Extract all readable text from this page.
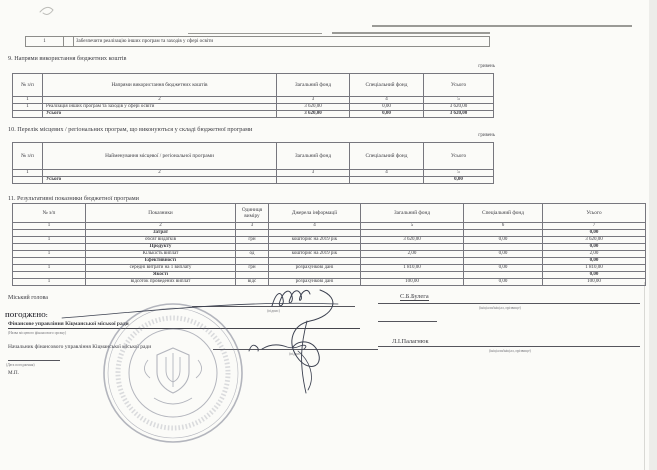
1	Забезпечити реалізацію інших програм та заходів у сфері освіти
9. Напрями використання бюджетних коштів
гривень
№ з/п	Напрями використання бюджетних коштів	Загальний фонд	Спеціальний фонд	Усього
1	2	3	4	5
1	Реалізація інших програм та заходів у сфері освіти	3 620,00	0,00	3 620,00
	Усього	3 620,00	0,00	3 620,00
10. Перелік місцевих / регіональних програм, що виконуються у складі бюджетної програми
гривень
№ з/п	Найменування місцевої / регіональної програми	Загальний фонд	Спеціальний фонд	Усього
1	2	3	4	5
	Усього			0,00
11. Результативні показники бюджетної програми
№ з/п	Показники	Одиниця виміру	Джерела інформації	Загальний фонд	Спеціальний фонд	Усього
1	2	3	4	5	6	7
	Затрат					0,00
1	обсяг видатків	грн	кошторис на 2019 рік	3 620,00	0,00	3 620,00
	Продукту					0,00
1	Кількість виплат	од	кошторис на 2019 рік	2,00	0,00	2,00
	Ефективності					0,00
1	середні витрати на 1 виплату	грн	розрахункові дані	1 810,00	0,00	1 810,00
	Якості					0,00
1	відсоток проведених виплат	відс	розрахункові дані	100,00	0,00	100,00
Міський голова
(підпис)
С.Б.Булега
(ініціали/ініціал, прізвище)
ПОГОДЖЕНО:
Фінансове управління Кіцманської міської ради
(Назва місцевого фінансового органу)
Начальник фінансового управління Кіцманської міської ради
(підпис)
Л.І.Палагнюк
(ініціали/ініціал, прізвище)
(Дата погодження)
М.П.
